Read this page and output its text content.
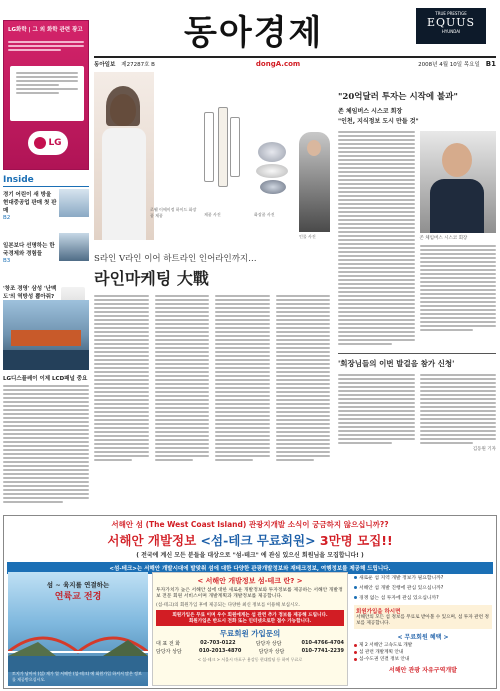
동아경제	TRUE PRESTIGE
EQUUS
HYUNDAI
동아일보 제27287호 B	dongA.com	2008년 4월 10일 목요일 B1
LG화학 | 그 외 화학 관련 광고
LG
Inside
경기 어린이 새 방울 현대중공업 판매 첫 판매
B2
일본보다 선명하는 한국경제와 경험들
B3
'창조 경영' 삼성 '난맥도'의 역방성 뽑아줘?
LG디스플레이 이제 LCD패널 중요
로웰 이에이정 하이드 화장품 제품	제품 사진	화장품 사진
인물 사진
S라인 V라인 이어 하트라인 인어라인까지…
라인마케팅 大戰
"20억달러 투자는 시작에 불과"
존 체임버스 시스코 회장
"인천, 지식정보 도시 만들 것"
존 체임버스 시스코 회장
'회장님들의 이번 발걸음 참가 신청'
김동원 기자
서해안 섬 (The West Coast Island) 관광지개발 소식이 궁금하지 않으십니까??
서해안 개발정보 <섬-테크 무료회원> 3만명 모집!!
( 전국에 계신 모든 분들을 대상으로 "섬-테크" 에 관심 있으신 회원님을 모집합니다! )
<섬-테크>는 서해안 개발시대에 발맞춰 섬에 대한 다양한 관광개발정보와 재테크정보, 여행정보를 제공해 드립니다.
섬 ~ 육지를 연결하는
연륙교 전경
토지가 남아서 (섬) 재가 열 서해안 (섬-테크) 에 회원가입 하셔서 많은 정보를 제공받으십시오.
< 서해안 개발정보 섬-테크 란? >
투자가치가 높은 서해안 섬에 대한 새로운 개발정보와 투자정보를 제공하는 서해안 개발정보 전문 회원 서비스이며 개발계획과 개발정보를 제공합니다.
(섬-테크)의 회원가입 후에 제공되는 다양한 최신 정보를 이용해 보십시오.
회원가입은 무료 이며 우수 회원에게는 섬 관련 추가 정보를 제공해 드립니다.
회원가입은 반드시 전화 또는 인터넷으로만 접수 가능합니다.
무료회원 가입문의
대 표 전 화	02-703-0122	담당자 상담	010-4766-4704
담당자 상담	010-2013-4870	담당자 상담	010-7741-2239
< 섬-테크 > 서울시 마포구 용강동 현대빌딩 등 하여 무료로
새로운 섬 지역 개발 정보가 필요합니까?
서해안 섬 개발 진행에 관심 있으십니까?
경쟁 없는 섬 투자에 관심 있으십니까?
회원가입을 하시면
서해안의 모든 섬 정보를 무료로 받아볼 수 있으며, 섬 투자 관련 정보를 제공합니다.
< 무료회원 혜택 >
제 2 서해안 고속도로 개발
섬 관련 개발계획 안내
섬-수도권 연결 정보 안내
서해안 관광 자유구역개발
